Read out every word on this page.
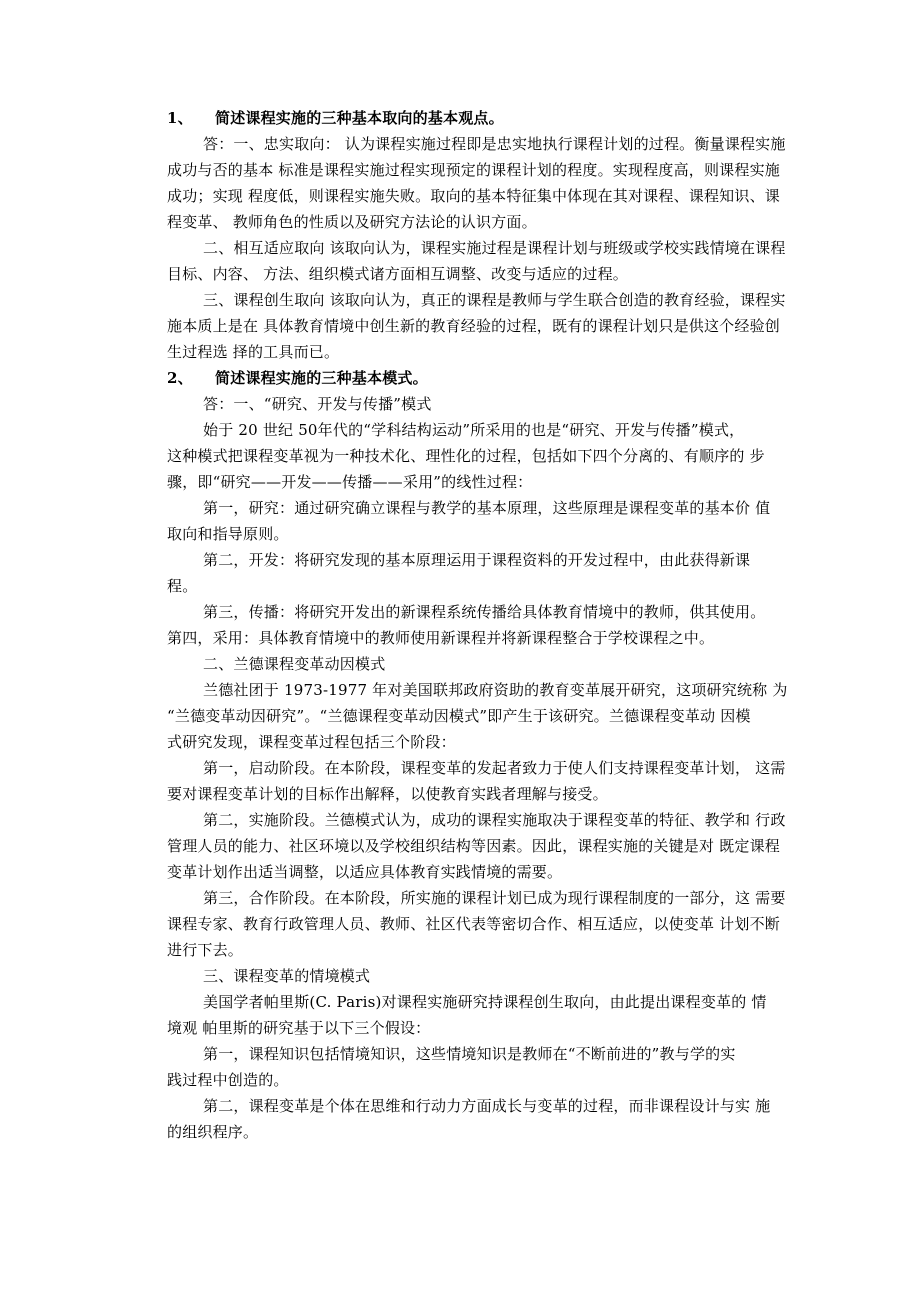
1、 简述课程实施的三种基本取向的基本观点。
答：一、忠实取向： 认为课程实施过程即是忠实地执行课程计划的过程。衡量课程实施
成功与否的基本 标准是课程实施过程实现预定的课程计划的程度。实现程度高，则课程实施
成功；实现 程度低，则课程实施失败。取向的基本特征集中体现在其对课程、课程知识、课
程变革、 教师角色的性质以及研究方法论的认识方面。
二、相互适应取向 该取向认为，课程实施过程是课程计划与班级或学校实践情境在课程
目标、内容、 方法、组织模式诸方面相互调整、改变与适应的过程。
三、课程创生取向 该取向认为，真正的课程是教师与学生联合创造的教育经验，课程实
施本质上是在 具体教育情境中创生新的教育经验的过程，既有的课程计划只是供这个经验创
生过程选 择的工具而已。
2、 简述课程实施的三种基本模式。
答：一、“研究、开发与传播”模式
始于 20 世纪 50年代的“学科结构运动”所采用的也是“研究、开发与传播”模式，
这种模式把课程变革视为一种技术化、理性化的过程，包括如下四个分离的、有顺序的 步
骤，即“研究——开发——传播——采用”的线性过程：
第一，研究：通过研究确立课程与教学的基本原理，这些原理是课程变革的基本价 值
取向和指导原则。
第二，开发：将研究发现的基本原理运用于课程资料的开发过程中，由此获得新课
程。
第三，传播：将研究开发出的新课程系统传播给具体教育情境中的教师，供其使用。
第四，采用：具体教育情境中的教师使用新课程并将新课程整合于学校课程之中。
二、兰德课程变革动因模式
兰德社团于 1973-1977 年对美国联邦政府资助的教育变革展开研究，这项研究统称 为
“兰德变革动因研究”。“兰德课程变革动因模式”即产生于该研究。兰德课程变革动 因模
式研究发现，课程变革过程包括三个阶段：
第一，启动阶段。在本阶段，课程变革的发起者致力于使人们支持课程变革计划， 这需
要对课程变革计划的目标作出解释，以使教育实践者理解与接受。
第二，实施阶段。兰德模式认为，成功的课程实施取决于课程变革的特征、教学和 行政
管理人员的能力、社区环境以及学校组织结构等因素。因此，课程实施的关键是对 既定课程
变革计划作出适当调整，以适应具体教育实践情境的需要。
第三，合作阶段。在本阶段，所实施的课程计划已成为现行课程制度的一部分，这 需要
课程专家、教育行政管理人员、教师、社区代表等密切合作、相互适应，以使变革 计划不断
进行下去。
三、课程变革的情境模式
美国学者帕里斯(C. Paris)对课程实施研究持课程创生取向，由此提出课程变革的 情
境观 帕里斯的研究基于以下三个假设：
第一，课程知识包括情境知识，这些情境知识是教师在“不断前进的”教与学的实
践过程中创造的。
第二，课程变革是个体在思维和行动力方面成长与变革的过程，而非课程设计与实 施
的组织程序。
